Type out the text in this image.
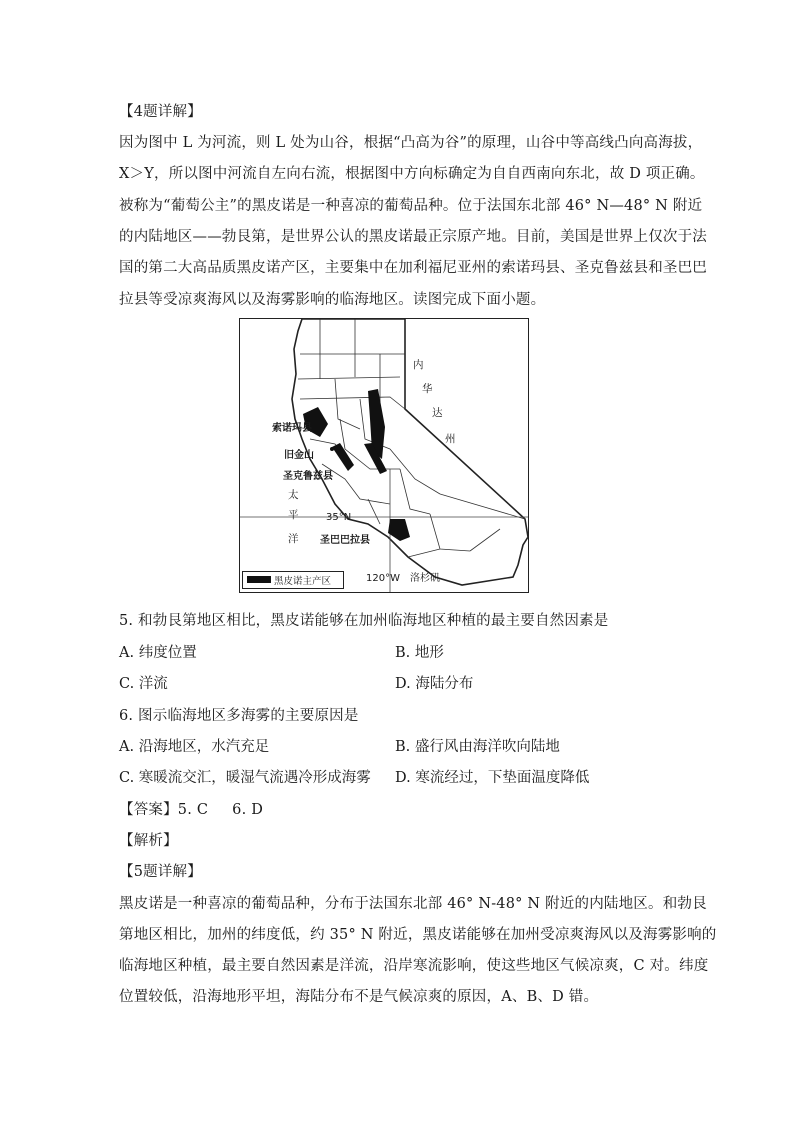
【4题详解】
因为图中 L 为河流，则 L 处为山谷，根据“凸高为谷”的原理，山谷中等高线凸向高海拔，
X＞Y，所以图中河流自左向右流，根据图中方向标确定为自自西南向东北，故 D 项正确。
被称为“葡萄公主”的黑皮诺是一种喜凉的葡萄品种。位于法国东北部 46° N—48° N 附近
的内陆地区——勃艮第，是世界公认的黑皮诺最正宗原产地。目前，美国是世界上仅次于法
国的第二大高品质黑皮诺产区，主要集中在加利福尼亚州的索诺玛县、圣克鲁兹县和圣巴巴
拉县等受凉爽海风以及海雾影响的临海地区。读图完成下面小题。
索诺玛县
旧金山
圣克鲁兹县
太
平
洋
35°N
圣巴巴拉县
内
华
达
州
120°W 洛杉矶
黑皮诺主产区
5. 和勃艮第地区相比，黑皮诺能够在加州临海地区种植的最主要自然因素是
A. 纬度位置	B. 地形
C. 洋流	D. 海陆分布
6. 图示临海地区多海雾的主要原因是
A. 沿海地区，水汽充足	B. 盛行风由海洋吹向陆地
C. 寒暖流交汇，暖湿气流遇冷形成海雾 D. 寒流经过，下垫面温度降低
【答案】5. C     6. D
【解析】
【5题详解】
黑皮诺是一种喜凉的葡萄品种，分布于法国东北部 46° N-48° N 附近的内陆地区。和勃艮
第地区相比，加州的纬度低，约 35° N 附近，黑皮诺能够在加州受凉爽海风以及海雾影响的
临海地区种植，最主要自然因素是洋流，沿岸寒流影响，使这些地区气候凉爽，C 对。纬度
位置较低，沿海地形平坦，海陆分布不是气候凉爽的原因，A、B、D 错。
